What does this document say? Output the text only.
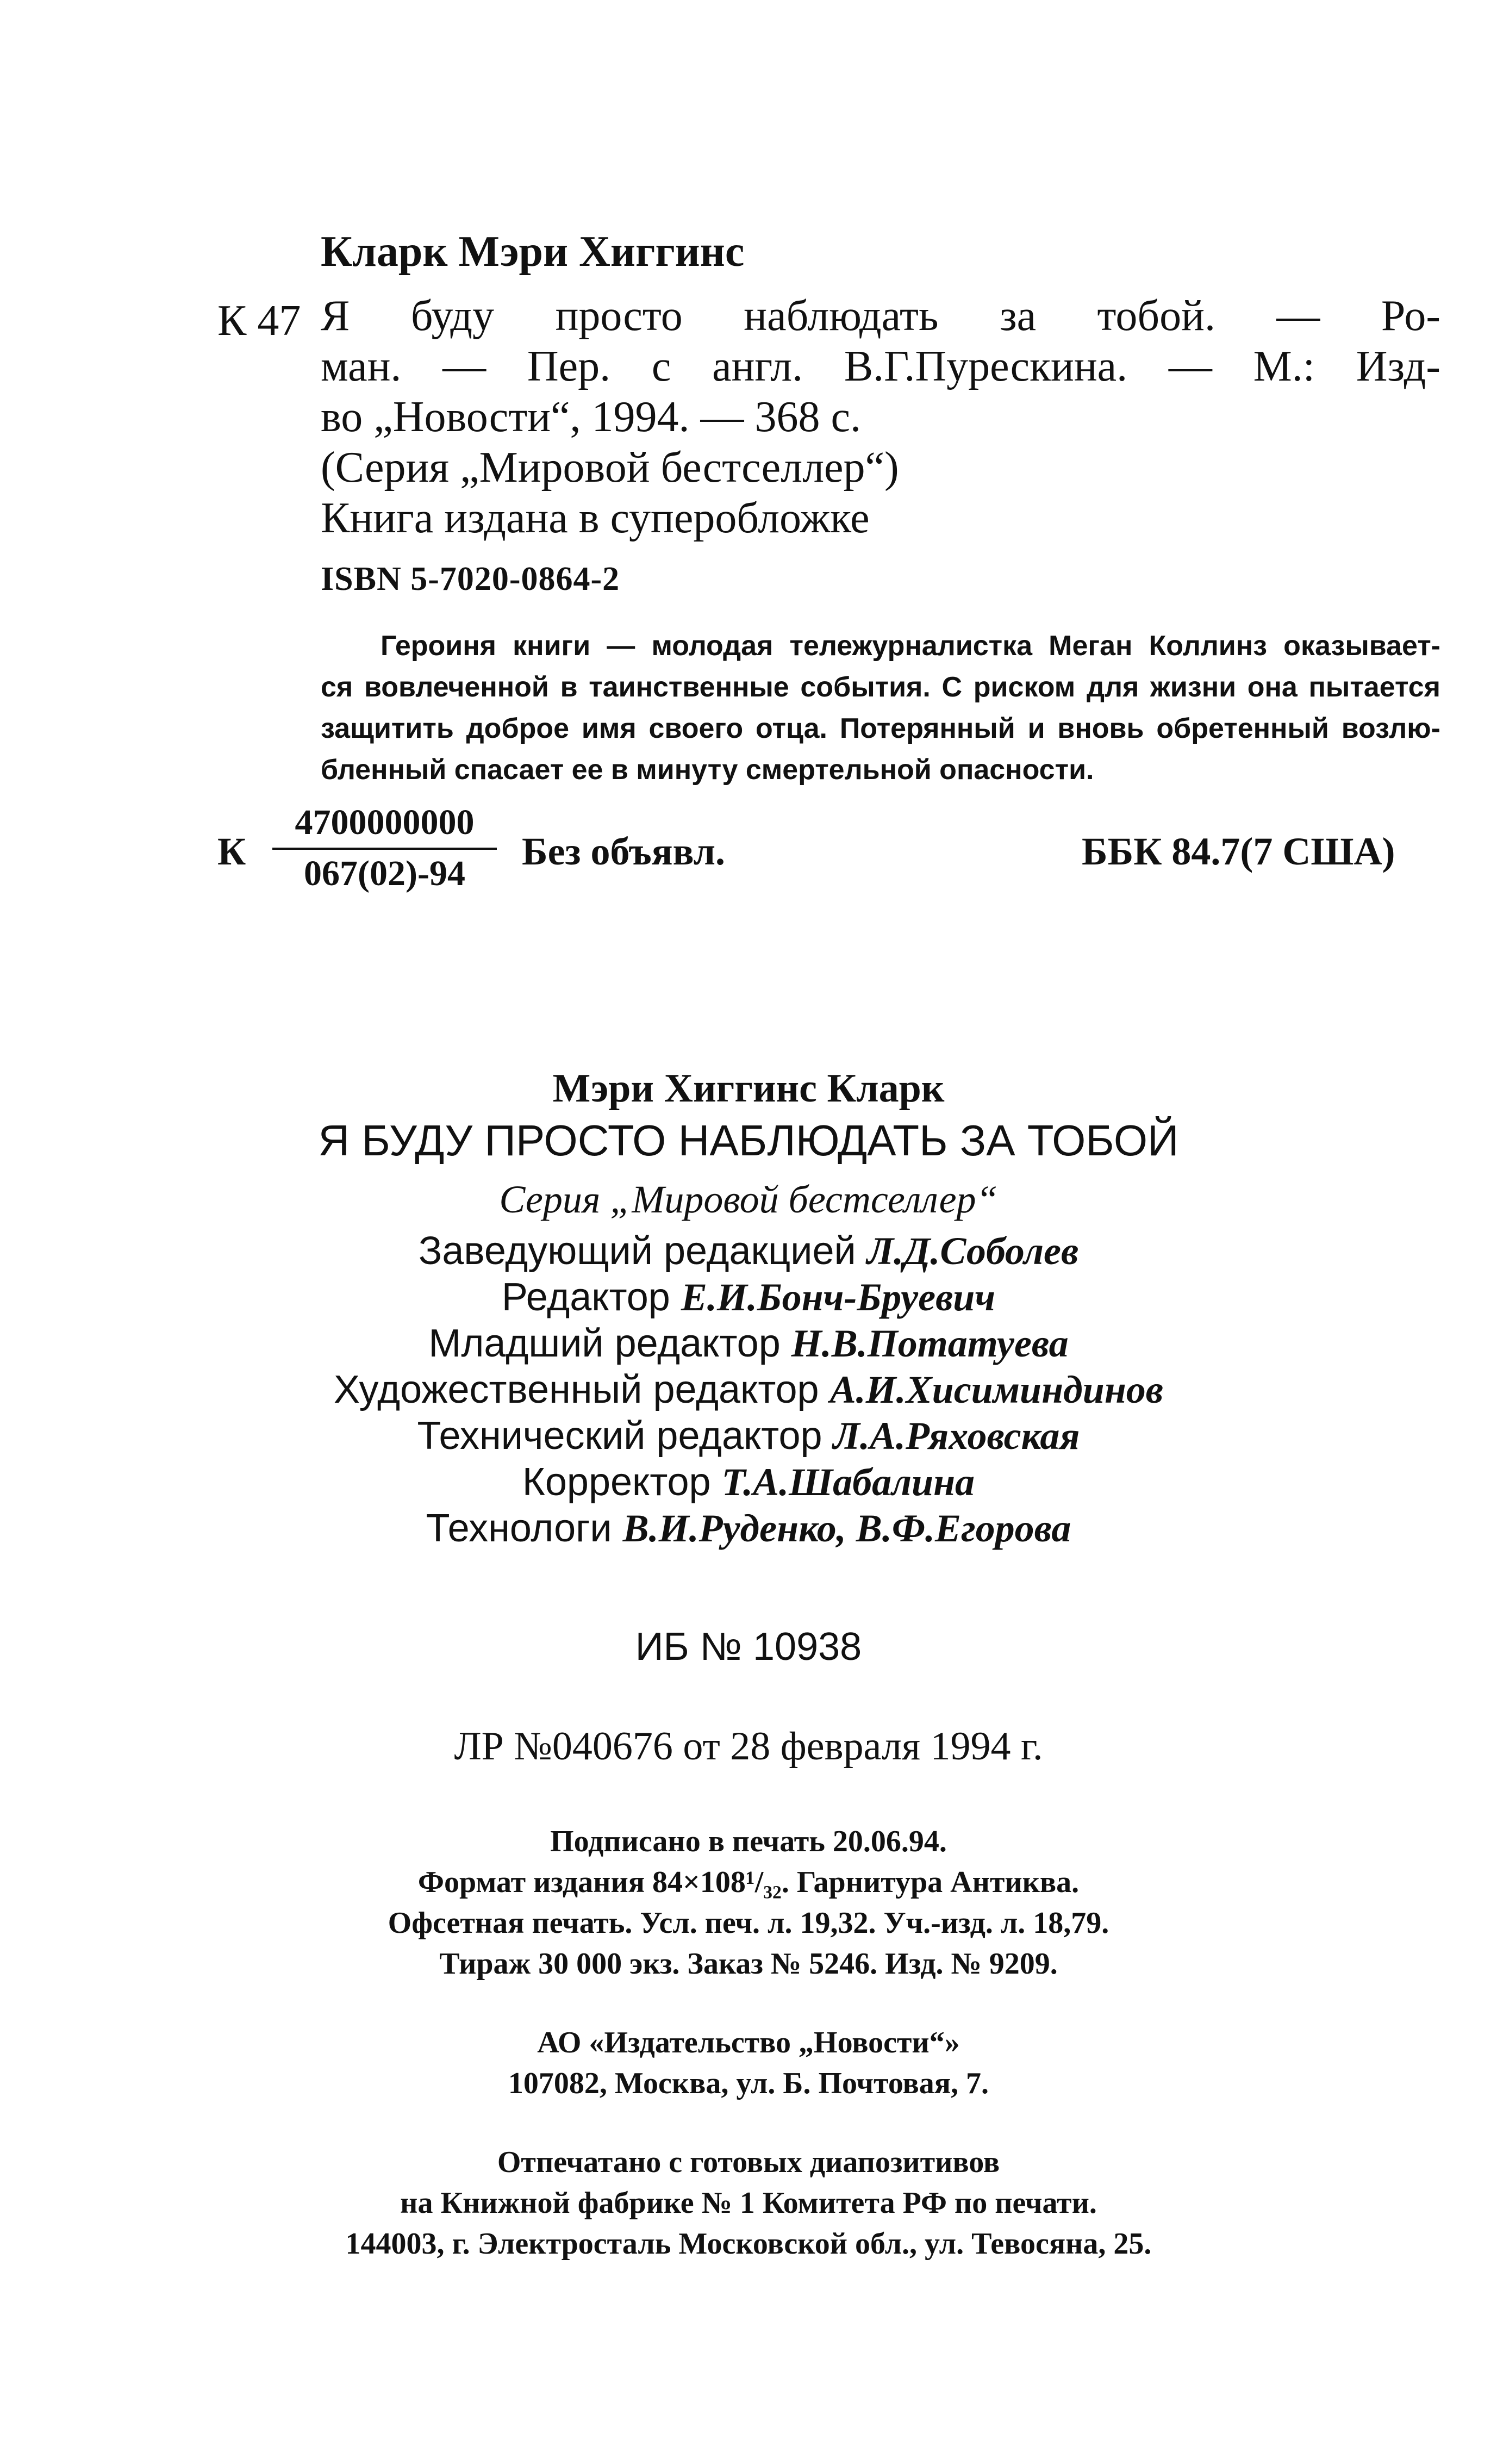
Кларк Мэри Хиггинс
К 47 Я буду просто наблюдать за тобой. — Ро-
ман. — Пер. с англ. В.Г.Пурескина. — М.: Изд-
во „Новости“, 1994. — 368 с.
(Серия „Мировой бестселлер“)
Книга издана в суперобложке
ISBN 5-7020-0864-2
Героиня книги — молодая тележурналистка Меган Коллинз оказывает-
ся вовлеченной в таинственные события. С риском для жизни она пытается
защитить доброе имя своего отца. Потерянный и вновь обретенный возлю-
бленный спасает ее в минуту смертельной опасности.
К
4700000000
067(02)-94
Без объявл.	ББК 84.7(7 США)
Мэри Хиггинс Кларк
Я БУДУ ПРОСТО НАБЛЮДАТЬ ЗА ТОБОЙ
Серия „Мировой бестселлер“
Заведующий редакцией Л.Д.Соболев
Редактор Е.И.Бонч-Бруевич
Младший редактор Н.В.Потатуева
Художественный редактор А.И.Хисиминдинов
Технический редактор Л.А.Ряховская
Корректор Т.А.Шабалина
Технологи В.И.Руденко, В.Ф.Егорова
ИБ № 10938
ЛР №040676 от 28 февраля 1994 г.
Подписано в печать 20.06.94.
Формат издания 84×108¹/₃₂. Гарнитура Антиква.
Офсетная печать. Усл. печ. л. 19,32. Уч.-изд. л. 18,79.
Тираж 30 000 экз. Заказ № 5246. Изд. № 9209.
АО «Издательство „Новости“»
107082, Москва, ул. Б. Почтовая, 7.
Отпечатано с готовых диапозитивов
на Книжной фабрике № 1 Комитета РФ по печати.
144003, г. Электросталь Московской обл., ул. Тевосяна, 25.
